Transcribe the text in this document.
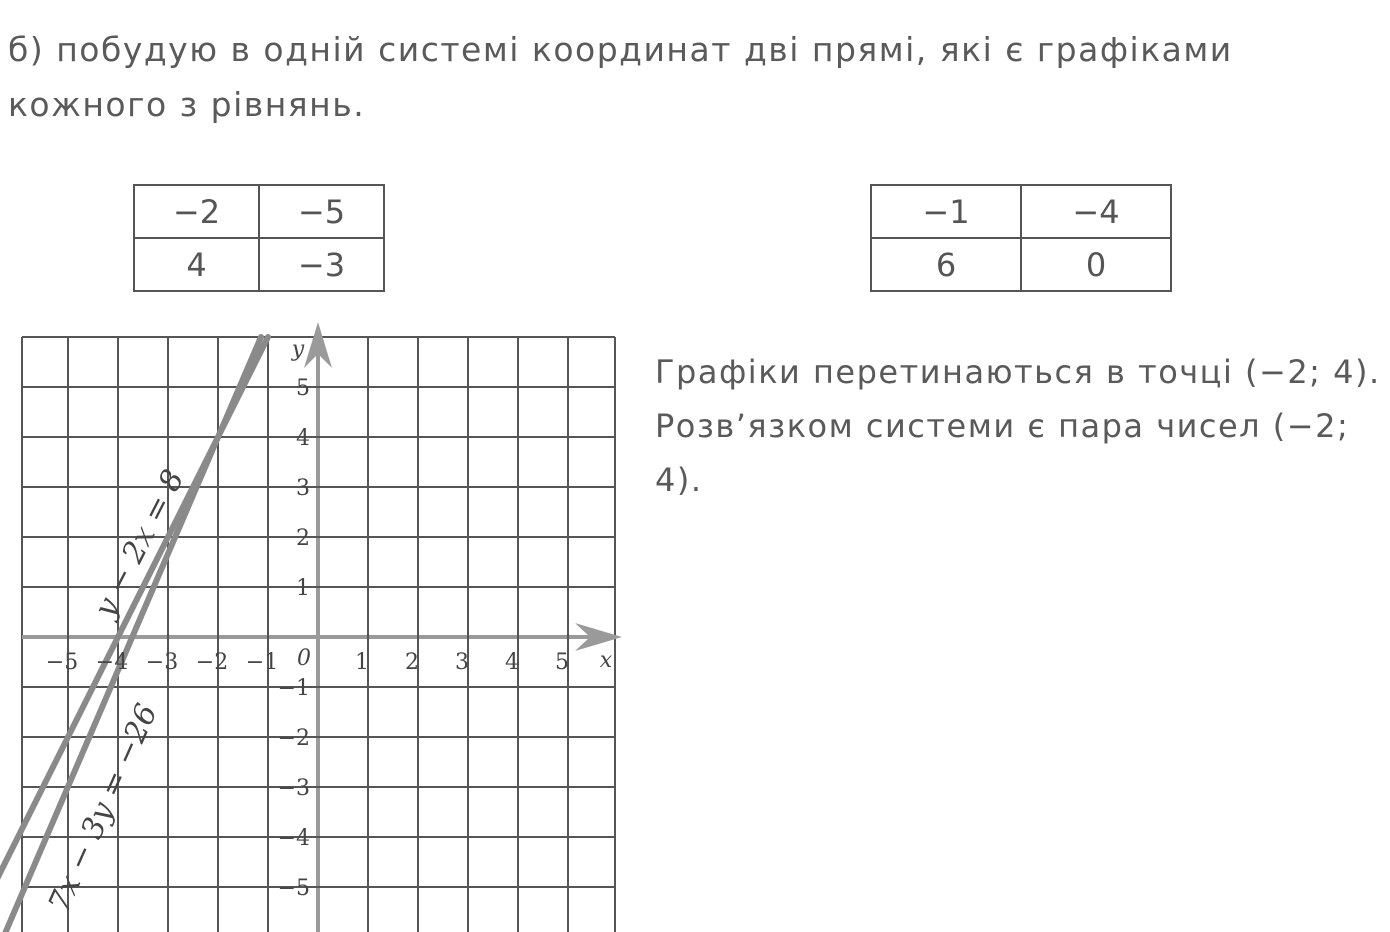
б) побудую в одній системі координат дві прямі, які є графіками кожного з рівнянь.

−2	−5
4	−3
−1	−4
6	0

Графіки перетинаються в точці (−2; 4). Розв’язком системи є пара чисел (−2; 4).

−5 −4 −3 −2 −1	1 2 3 4 5
1
2
3
4
5
−1
−2
−3
−4
−5
0	x
y
y − 2x = 8
7x − 3y = −26
